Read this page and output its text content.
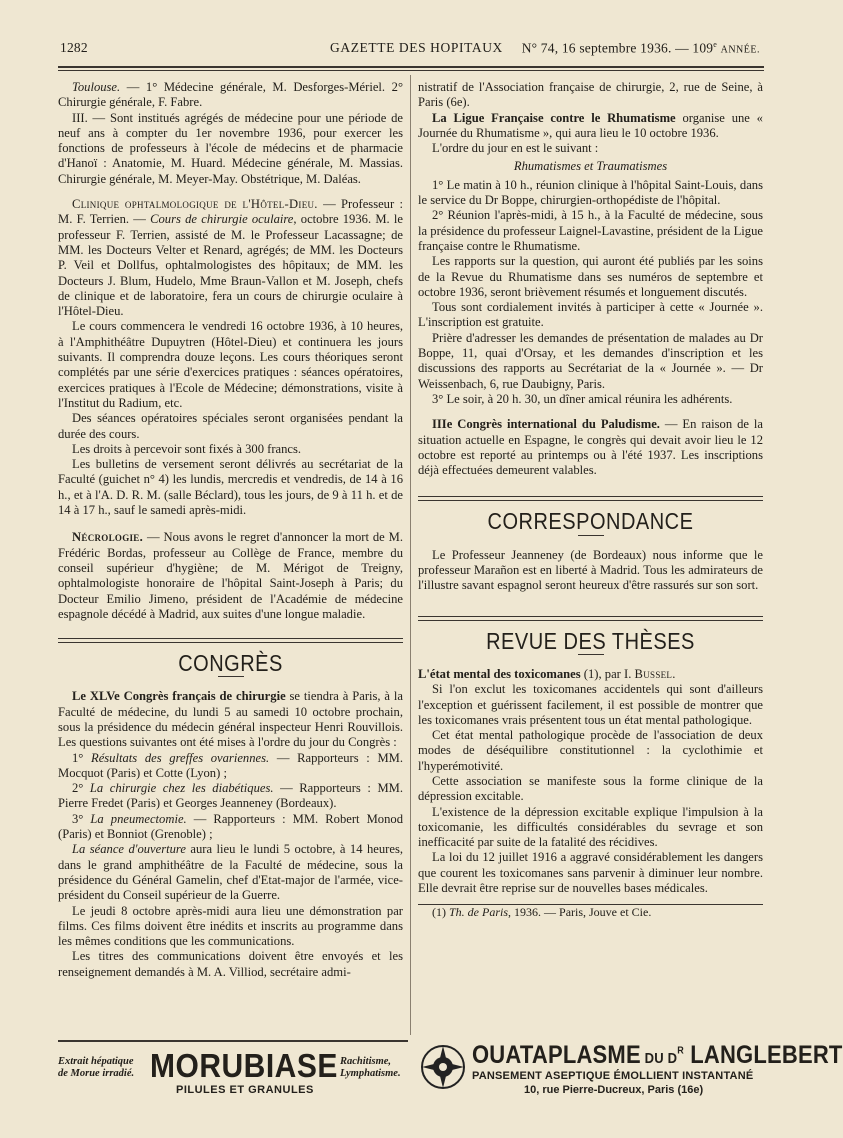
1282	GAZETTE DES HOPITAUX N° 74, 16 septembre 1936. — 109e ANNÉE.

Toulouse. — 1° Médecine générale, M. Desforges-Mériel. 2° Chirurgie générale, F. Fabre.

III. — Sont institués agrégés de médecine pour une période de neuf ans à compter du 1er novembre 1936, pour exercer les fonctions de professeurs à l'école de médecins et de pharmacie d'Hanoï : Anatomie, M. Huard. Médecine générale, M. Massias. Chirurgie générale, M. Meyer-May. Obstétrique, M. Daléas.

Clinique ophtalmologique de l'Hôtel-Dieu. — Professeur : M. F. Terrien. — Cours de chirurgie oculaire, octobre 1936. M. le professeur F. Terrien, assisté de M. le Professeur Lacassagne; de MM. les Docteurs Velter et Renard, agrégés; de MM. les Docteurs P. Veil et Dollfus, ophtalmologistes des hôpitaux; de MM. les Docteurs J. Blum, Hudelo, Mme Braun-Vallon et M. Joseph, chefs de clinique et de laboratoire, fera un cours de chirurgie oculaire à l'Hôtel-Dieu.

Le cours commencera le vendredi 16 octobre 1936, à 10 heures, à l'Amphithéâtre Dupuytren (Hôtel-Dieu) et continuera les jours suivants. Il comprendra douze leçons. Les cours théoriques seront complétés par une série d'exercices pratiques : séances opératoires, exercices pratiques à l'Ecole de Médecine; démonstrations, visite à l'Institut du Radium, etc.

Des séances opératoires spéciales seront organisées pendant la durée des cours.

Les droits à percevoir sont fixés à 300 francs.

Les bulletins de versement seront délivrés au secrétariat de la Faculté (guichet n° 4) les lundis, mercredis et vendredis, de 14 à 16 h., et à l'A. D. R. M. (salle Béclard), tous les jours, de 9 à 11 h. et de 14 à 17 h., sauf le samedi après-midi.

Nécrologie. — Nous avons le regret d'annoncer la mort de M. Frédéric Bordas, professeur au Collège de France, membre du conseil supérieur d'hygiène; de M. Mérigot de Treigny, ophtalmologiste honoraire de l'hôpital Saint-Joseph à Paris; du Docteur Emilio Jimeno, président de l'Académie de médecine espagnole décédé à Madrid, aux suites d'une longue maladie.

CONGRÈS

Le XLVe Congrès français de chirurgie se tiendra à Paris, à la Faculté de médecine, du lundi 5 au samedi 10 octobre prochain, sous la présidence du médecin général inspecteur Henri Rouvillois. Les questions suivantes ont été mises à l'ordre du jour du Congrès :

1° Résultats des greffes ovariennes. — Rapporteurs : MM. Mocquot (Paris) et Cotte (Lyon) ;

2° La chirurgie chez les diabétiques. — Rapporteurs : MM. Pierre Fredet (Paris) et Georges Jeanneney (Bordeaux).

3° La pneumectomie. — Rapporteurs : MM. Robert Monod (Paris) et Bonniot (Grenoble) ;

La séance d'ouverture aura lieu le lundi 5 octobre, à 14 heures, dans le grand amphithéâtre de la Faculté de médecine, sous la présidence du Général Gamelin, chef d'Etat-major de l'armée, vice-président du Conseil supérieur de la Guerre.

Le jeudi 8 octobre après-midi aura lieu une démonstration par films. Ces films doivent être inédits et inscrits au programme dans les mêmes conditions que les communications.

Les titres des communications doivent être envoyés et les renseignement demandés à M. A. Villiod, secrétaire admi-

nistratif de l'Association française de chirurgie, 2, rue de Seine, à Paris (6e).

La Ligue Française contre le Rhumatisme organise une « Journée du Rhumatisme », qui aura lieu le 10 octobre 1936.

L'ordre du jour en est le suivant :

Rhumatismes et Traumatismes

1° Le matin à 10 h., réunion clinique à l'hôpital Saint-Louis, dans le service du Dr Boppe, chirurgien-orthopédiste de l'hôpital.

2° Réunion l'après-midi, à 15 h., à la Faculté de médecine, sous la présidence du professeur Laignel-Lavastine, président de la Ligue française contre le Rhumatisme.

Les rapports sur la question, qui auront été publiés par les soins de la Revue du Rhumatisme dans ses numéros de septembre et octobre 1936, seront brièvement résumés et longuement discutés.

Tous sont cordialement invités à participer à cette « Journée ». L'inscription est gratuite.

Prière d'adresser les demandes de présentation de malades au Dr Boppe, 11, quai d'Orsay, et les demandes d'inscription et les discussions des rapports au Secrétariat de la « Journée ». — Dr Weissenbach, 6, rue Daubigny, Paris.

3° Le soir, à 20 h. 30, un dîner amical réunira les adhérents.

IIIe Congrès international du Paludisme. — En raison de la situation actuelle en Espagne, le congrès qui devait avoir lieu le 12 octobre est reporté au printemps ou à l'été 1937. Les inscriptions déjà effectuées demeurent valables.

CORRESPONDANCE

Le Professeur Jeanneney (de Bordeaux) nous informe que le professeur Marañon est en liberté à Madrid. Tous les admirateurs de l'illustre savant espagnol seront heureux d'être rassurés sur son sort.

REVUE DES THÈSES

L'état mental des toxicomanes (1), par I. Bussel.

Si l'on exclut les toxicomanes accidentels qui sont d'ailleurs l'exception et guérissent facilement, il est possible de montrer que les toxicomanes vrais présentent tous un état mental pathologique.

Cet état mental pathologique procède de l'association de deux modes de déséquilibre constitutionnel : la cyclothimie et l'hyperémotivité.

Cette association se manifeste sous la forme clinique de la dépression excitable.

L'existence de la dépression excitable explique l'impulsion à la toxicomanie, les difficultés considérables du sevrage et son inefficacité par suite de la fatalité des récidives.

La loi du 12 juillet 1916 a aggravé considérablement les dangers que courent les toxicomanes sans parvenir à diminuer leur nombre. Elle devrait être reprise sur de nouvelles bases médicales.

(1) Th. de Paris, 1936. — Paris, Jouve et Cie.

Extrait hépatique
de Morue irradié. MORUBIASE Rachitisme,
Lymphatisme.
PILULES ET GRANULES
OUATAPLASME DU $D^R$ LANGLEBERT
PANSEMENT ASEPTIQUE ÉMOLLIENT INSTANTANÉ
10, rue Pierre-Ducreux, Paris (16e)
